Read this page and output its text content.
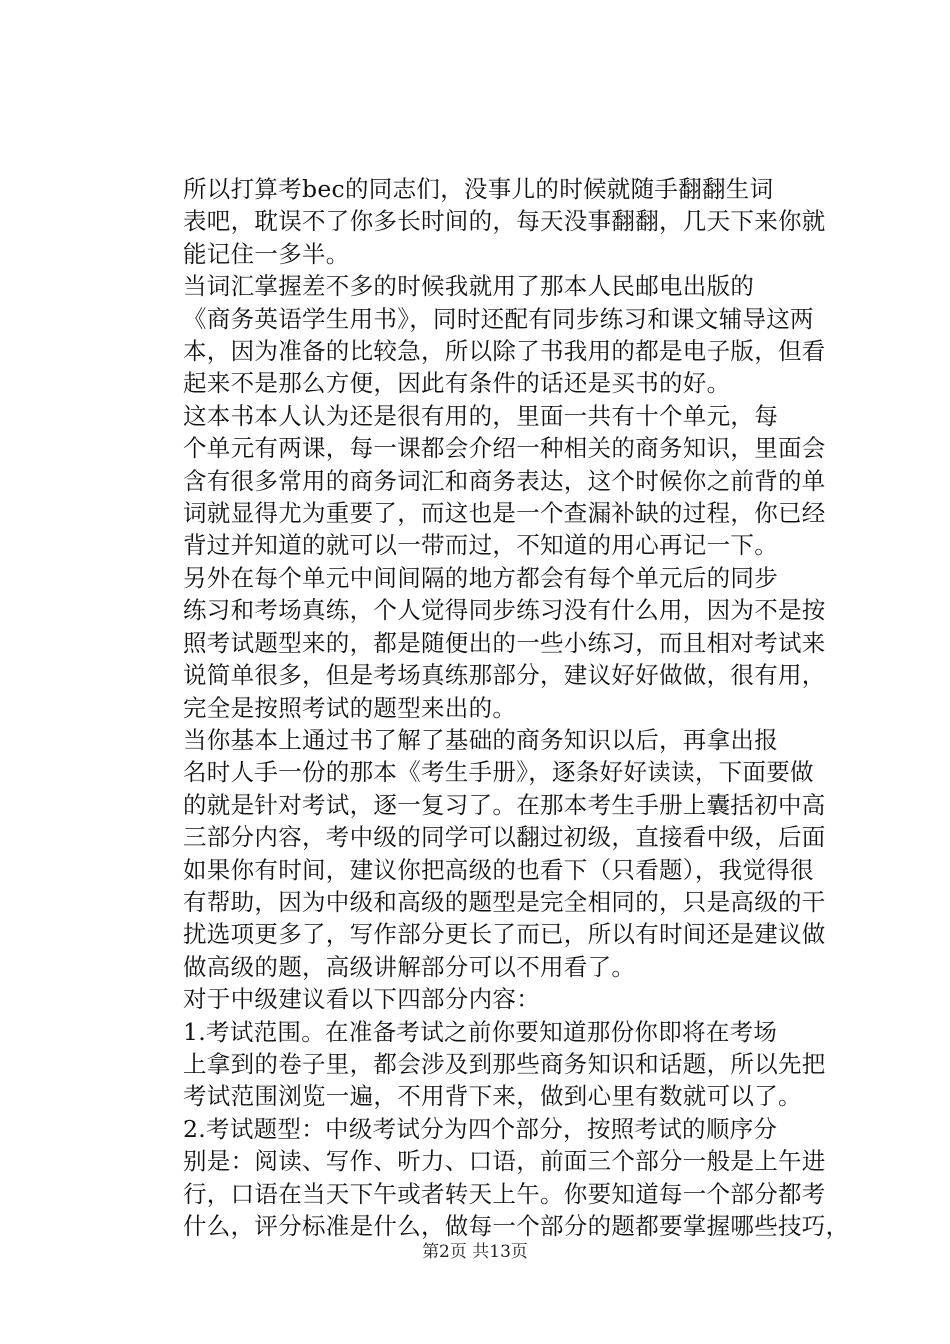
所以打算考bec的同志们，没事儿的时候就随手翻翻生词
表吧，耽误不了你多长时间的，每天没事翻翻，几天下来你就
能记住一多半。

当词汇掌握差不多的时候我就用了那本人民邮电出版的
《商务英语学生用书》，同时还配有同步练习和课文辅导这两
本，因为准备的比较急，所以除了书我用的都是电子版，但看
起来不是那么方便，因此有条件的话还是买书的好。

这本书本人认为还是很有用的，里面一共有十个单元，每
个单元有两课，每一课都会介绍一种相关的商务知识，里面会
含有很多常用的商务词汇和商务表达，这个时候你之前背的单
词就显得尤为重要了，而这也是一个查漏补缺的过程，你已经
背过并知道的就可以一带而过，不知道的用心再记一下。

另外在每个单元中间间隔的地方都会有每个单元后的同步
练习和考场真练，个人觉得同步练习没有什么用，因为不是按
照考试题型来的，都是随便出的一些小练习，而且相对考试来
说简单很多，但是考场真练那部分，建议好好做做，很有用，
完全是按照考试的题型来出的。

当你基本上通过书了解了基础的商务知识以后，再拿出报
名时人手一份的那本《考生手册》，逐条好好读读，下面要做
的就是针对考试，逐一复习了。在那本考生手册上囊括初中高
三部分内容，考中级的同学可以翻过初级，直接看中级，后面
如果你有时间，建议你把高级的也看下（只看题），我觉得很
有帮助，因为中级和高级的题型是完全相同的，只是高级的干
扰选项更多了，写作部分更长了而已，所以有时间还是建议做
做高级的题，高级讲解部分可以不用看了。

对于中级建议看以下四部分内容：

1.考试范围。在准备考试之前你要知道那份你即将在考场
上拿到的卷子里，都会涉及到那些商务知识和话题，所以先把
考试范围浏览一遍，不用背下来，做到心里有数就可以了。

2.考试题型：中级考试分为四个部分，按照考试的顺序分
别是：阅读、写作、听力、口语，前面三个部分一般是上午进
行，口语在当天下午或者转天上午。你要知道每一个部分都考
什么，评分标准是什么，做每一个部分的题都要掌握哪些技巧，

第2页 共13页
